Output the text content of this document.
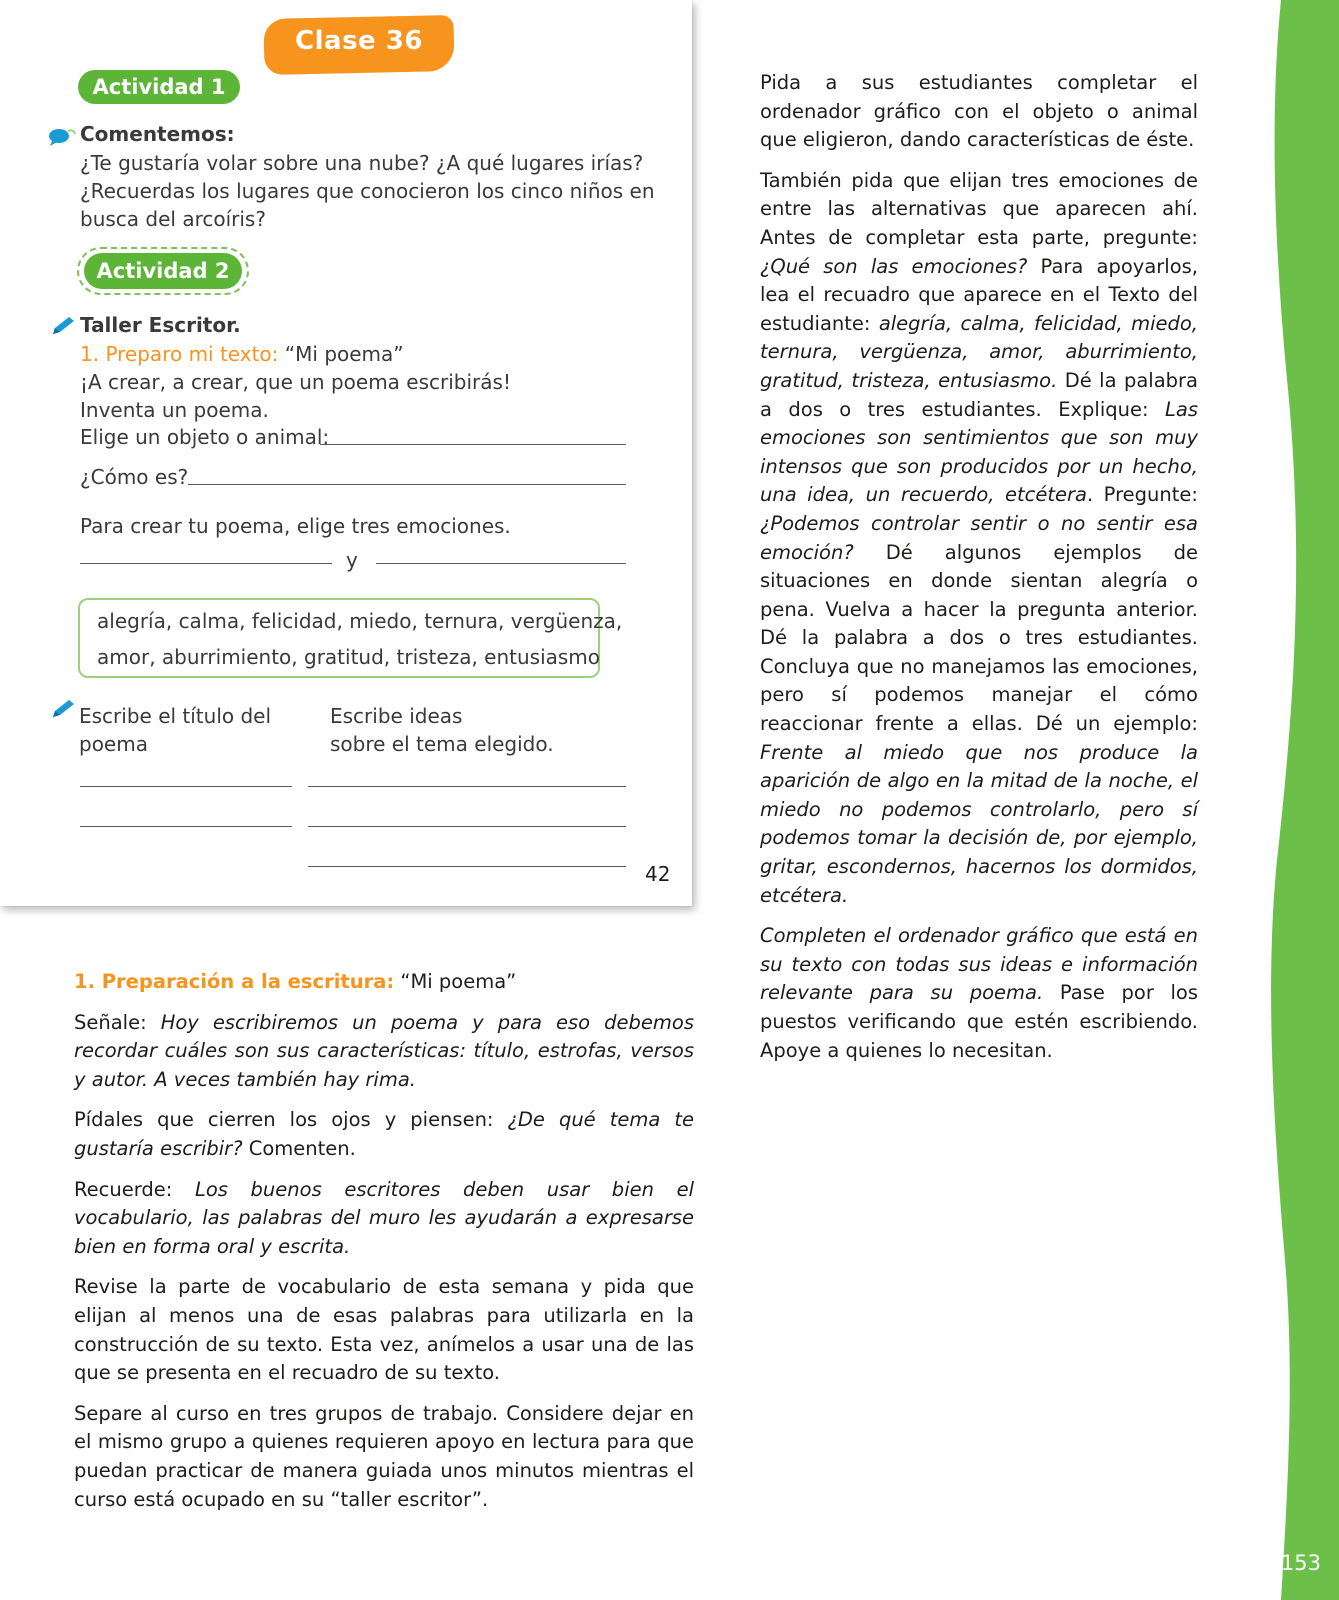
153
Clase 36
Actividad 1
Comentemos:
¿Te gustaría volar sobre una nube? ¿A qué lugares irías?
¿Recuerdas los lugares que conocieron los cinco niños en
busca del arcoíris?
Actividad 2
Taller Escritor.
1. Preparo mi texto: “Mi poema”
¡A crear, a crear, que un poema escribirás!
Inventa un poema.
Elige un objeto o animal:
¿Cómo es?
Para crear tu poema, elige tres emociones.
y
alegría, calma, felicidad, miedo, ternura, vergüenza,
amor, aburrimiento, gratitud, tristeza, entusiasmo
Escribe el título del
poema
Escribe ideas
sobre el tema elegido.
42

Pida a sus estudiantes completar el ordenador gráfico con el objeto o animal que eligieron, dando características de éste.

También pida que elijan tres emociones de entre las alternativas que aparecen ahí. Antes de completar esta parte, pregunte: ¿Qué son las emociones? Para apoyarlos, lea el recuadro que aparece en el Texto del estudiante: alegría, calma, felicidad, miedo, ternura, vergüenza, amor, aburrimiento, gratitud, tristeza, entusiasmo. Dé la palabra a dos o tres estudiantes. Explique: Las emociones son sentimientos que son muy intensos que son producidos por un hecho, una idea, un recuerdo, etcétera. Pregunte: ¿Podemos controlar sentir o no sentir esa emoción? Dé algunos ejemplos de situaciones en donde sientan alegría o pena. Vuelva a hacer la pregunta anterior. Dé la palabra a dos o tres estudiantes. Concluya que no manejamos las emociones, pero sí podemos manejar el cómo reaccionar frente a ellas. Dé un ejemplo: Frente al miedo que nos produce la aparición de algo en la mitad de la noche, el miedo no podemos controlarlo, pero sí podemos tomar la decisión de, por ejemplo, gritar, escondernos, hacernos los dormidos, etcétera.

Completen el ordenador gráfico que está en su texto con todas sus ideas e información relevante para su poema. Pase por los puestos verificando que estén escribiendo. Apoye a quienes lo necesitan.

1. Preparación a la escritura: “Mi poema”

Señale: Hoy escribiremos un poema y para eso debemos recordar cuáles son sus características: título, estrofas, versos y autor. A veces también hay rima.

Pídales que cierren los ojos y piensen: ¿De qué tema te gustaría escribir? Comenten.

Recuerde: Los buenos escritores deben usar bien el vocabulario, las palabras del muro les ayudarán a expresarse bien en forma oral y escrita.

Revise la parte de vocabulario de esta semana y pida que elijan al menos una de esas palabras para utilizarla en la construcción de su texto. Esta vez, anímelos a usar una de las que se presenta en el recuadro de su texto.

Separe al curso en tres grupos de trabajo. Considere dejar en el mismo grupo a quienes requieren apoyo en lectura para que puedan practicar de manera guiada unos minutos mientras el curso está ocupado en su “taller escritor”.
